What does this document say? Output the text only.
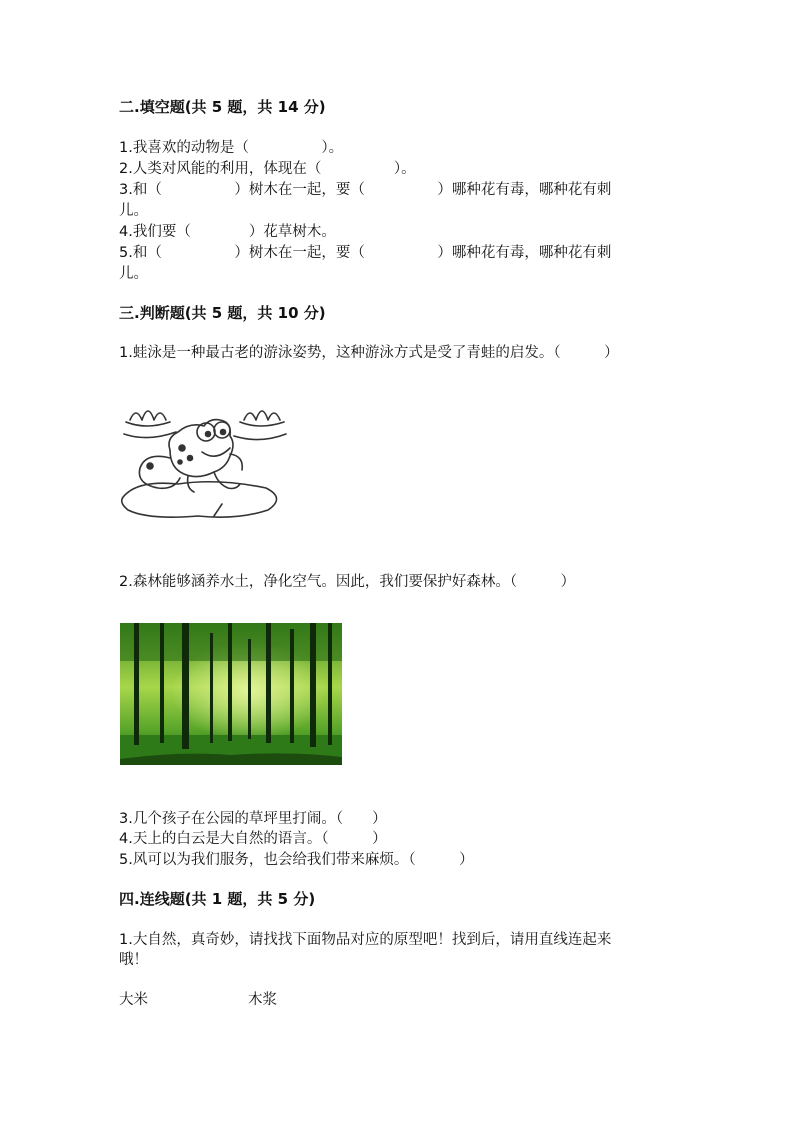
二.填空题(共 5 题，共 14 分)
1.我喜欢的动物是（　　　　　）。
2.人类对风能的利用，体现在（　　　　　）。
3.和（　　　　　）树木在一起，要（　　　　　）哪种花有毒，哪种花有刺
儿。
4.我们要（　　　　）花草树木。
5.和（　　　　　）树木在一起，要（　　　　　）哪种花有毒，哪种花有刺
儿。
三.判断题(共 5 题，共 10 分)
1.蛙泳是一种最古老的游泳姿势，这种游泳方式是受了青蛙的启发。（　　　）
2.森林能够涵养水土，净化空气。因此，我们要保护好森林。（　　　）
3.几个孩子在公园的草坪里打闹。（　　）
4.天上的白云是大自然的语言。（　　　）
5.风可以为我们服务，也会给我们带来麻烦。（　　　）
四.连线题(共 1 题，共 5 分)
1.大自然，真奇妙，请找找下面物品对应的原型吧！找到后，请用直线连起来
哦！
大米	木浆
